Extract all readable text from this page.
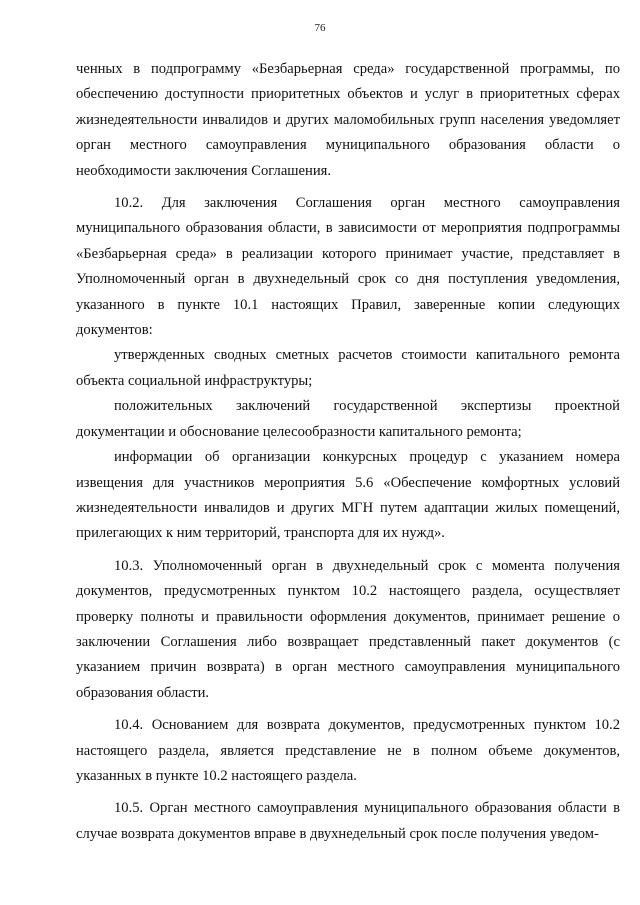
76

ченных в подпрограмму «Безбарьерная среда» государственной программы, по обеспечению доступности приоритетных объектов и услуг в приоритетных сферах жизнедеятельности инвалидов и других маломобильных групп населения уведомляет орган местного самоуправления муниципального образования области о необходимости заключения Соглашения.

10.2. Для заключения Соглашения орган местного самоуправления муниципального образования области, в зависимости от мероприятия подпрограммы «Безбарьерная среда» в реализации которого принимает участие, представляет в Уполномоченный орган в двухнедельный срок со дня поступления уведомления, указанного в пункте 10.1 настоящих Правил, заверенные копии следующих документов:

утвержденных сводных сметных расчетов стоимости капитального ремонта объекта социальной инфраструктуры;

положительных заключений государственной экспертизы проектной документации и обоснование целесообразности капитального ремонта;

информации об организации конкурсных процедур с указанием номера извещения для участников мероприятия 5.6 «Обеспечение комфортных условий жизнедеятельности инвалидов и других МГН путем адаптации жилых помещений, прилегающих к ним территорий, транспорта для их нужд».

10.3. Уполномоченный орган в двухнедельный срок с момента получения документов, предусмотренных пунктом 10.2 настоящего раздела, осуществляет проверку полноты и правильности оформления документов, принимает решение о заключении Соглашения либо возвращает представленный пакет документов (с указанием причин возврата) в орган местного самоуправления муниципального образования области.

10.4. Основанием для возврата документов, предусмотренных пунктом 10.2 настоящего раздела, является представление не в полном объеме документов, указанных в пункте 10.2 настоящего раздела.

10.5. Орган местного самоуправления муниципального образования области в случае возврата документов вправе в двухнедельный срок после получения уведом-
